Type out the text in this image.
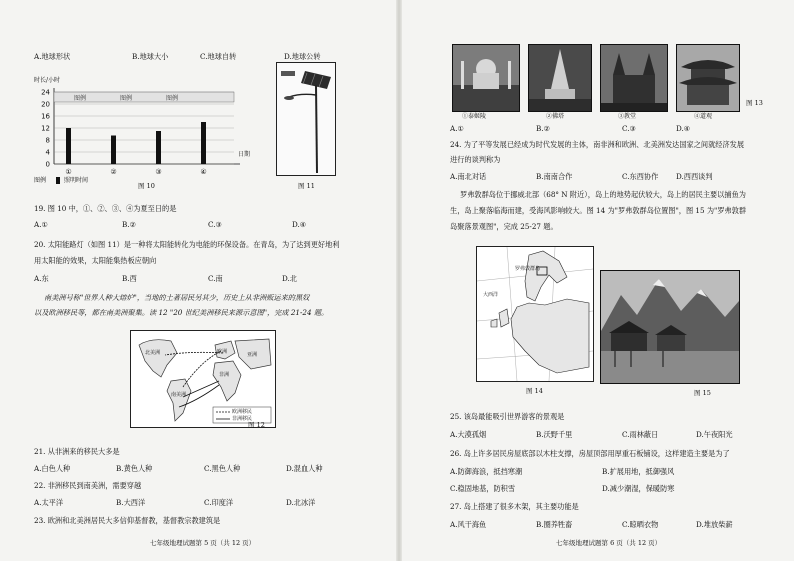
A.地球形状	B.地球大小	C.地球自转	D.地球公转
时长/小时
图例	图例	图例
24
20
16
12
8
4
0
①	②	③	④
图例	照明时间
日期
图 10	图 11
19. 图 10 中，①、②、③、④为夏至日的是
A.①	B.②	C.③	D.④
20. 太阳能路灯（如图 11）是一种将太阳能转化为电能的环保设备。在青岛，为了达到更好地利
用太阳能的效果，太阳能集热板应朝向
A.东	B.西	C.南	D.北
南美洲号称"世界人种大熔炉"，当地的土著居民另其少，历史上从非洲贩运来的黑奴
以及欧洲移民等，都在南美洲聚集。读 12 "20 世纪美洲移民来源示意图"，完成 21-24 题。
北美洲	欧洲	亚洲
非洲
南美洲
欧洲移民
非洲移民
图 12
21. 从非洲来的移民大多是
A.白色人种	B.黄色人种	C.黑色人种	D.混血人种
22. 非洲移民到南美洲，需要穿越
A.太平洋	B.大西洋	C.印度洋	D.北冰洋
23. 欧洲和北美洲居民大多信仰基督教，基督教宗教建筑是
七年级地理试题第 5 页（共 12 页）
①泰姬陵	②佛塔	③教堂	④道观
图 13
A.①	B.②	C.③	D.④
24. 为了平等发展已经成为时代发展的主体，南非洲和欧洲、北美洲发达国家之间就经济发展
进行的谈判称为
A.南北对话	B.南南合作	C.东西协作 D.西西谈判
罗弗敦群岛位于挪威北部（68° N 附近），岛上的地势起伏较大，岛上的居民主要以捕鱼为
生，岛上聚落临海而建，受海风影响较大。图 14 为"罗弗敦群岛位置图"，图 15 为"罗弗敦群
岛聚落景观图"，完成 25-27 题。
罗弗敦群岛
大西洋
图 14	图 15
25. 该岛最能吸引世界游客的景观是
A.大漠孤烟	B.沃野千里	C.雨林蔽日	D.午夜阳光
26. 岛上许多居民房屋底部以木柱支撑，房屋顶部用厚重石板铺设，这样建造主要是为了
A.防御海浪，抵挡寒潮	B.扩展用地，抵御强风
C.稳固地基，防积雪	D.减少潮湿，保暖防寒
27. 岛上搭建了很多木架，其主要功能是
A.风干海鱼	B.圈养牲畜	C.晾晒衣物	D.堆放柴薪
七年级地理试题第 6 页（共 12 页）
